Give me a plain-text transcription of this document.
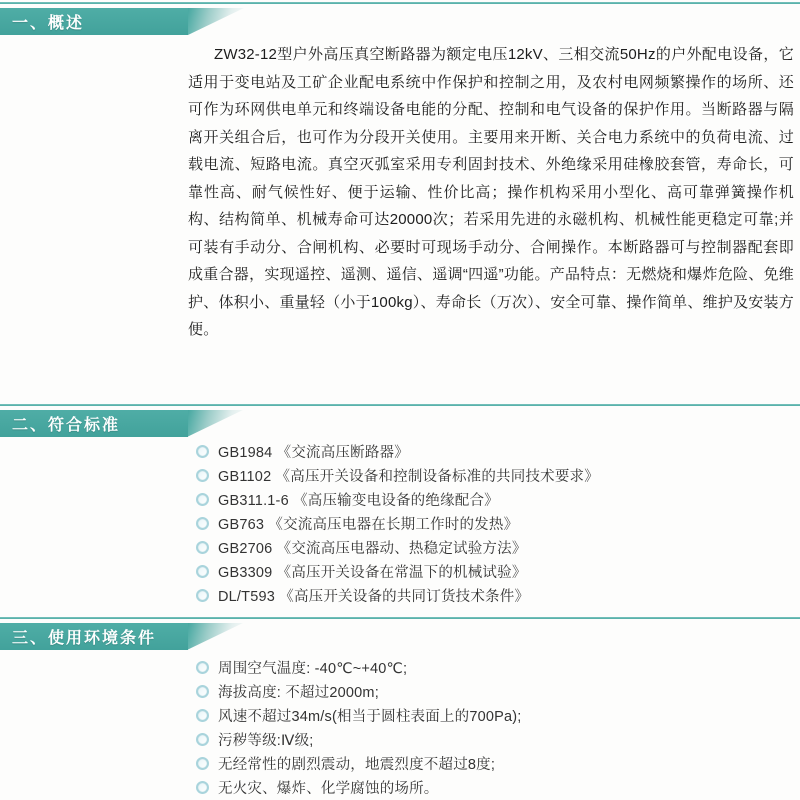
一、概述

ZW32-12型户外高压真空断路器为额定电压12kV、三相交流50Hz的户外配电设备，它适用于变电站及工矿企业配电系统中作保护和控制之用，及农村电网频繁操作的场所、还可作为环网供电单元和终端设备电能的分配、控制和电气设备的保护作用。当断路器与隔离开关组合后，也可作为分段开关使用。主要用来开断、关合电力系统中的负荷电流、过载电流、短路电流。真空灭弧室采用专利固封技术、外绝缘采用硅橡胶套管，寿命长，可靠性高、耐气候性好、便于运输、性价比高；操作机构采用小型化、高可靠弹簧操作机构、结构简单、机械寿命可达20000次；若采用先进的永磁机构、机械性能更稳定可靠;并可装有手动分、合闸机构、必要时可现场手动分、合闸操作。本断路器可与控制器配套即成重合器，实现遥控、遥测、遥信、遥调“四遥”功能。产品特点：无燃烧和爆炸危险、免维护、体积小、重量轻（小于100kg）、寿命长（万次）、安全可靠、操作简单、维护及安装方便。

二、符合标准
GB1984 《交流高压断路器》
GB1102 《高压开关设备和控制设备标准的共同技术要求》
GB311.1-6 《高压输变电设备的绝缘配合》
GB763 《交流高压电器在长期工作时的发热》
GB2706 《交流高压电器动、热稳定试验方法》
GB3309 《高压开关设备在常温下的机械试验》
DL/T593 《高压开关设备的共同订货技术条件》
三、使用环境条件
周围空气温度: -40℃~+40℃;
海拔高度: 不超过2000m;
风速不超过34m/s(相当于圆柱表面上的700Pa);
污秽等级:Ⅳ级;
无经常性的剧烈震动，地震烈度不超过8度;
无火灾、爆炸、化学腐蚀的场所。
